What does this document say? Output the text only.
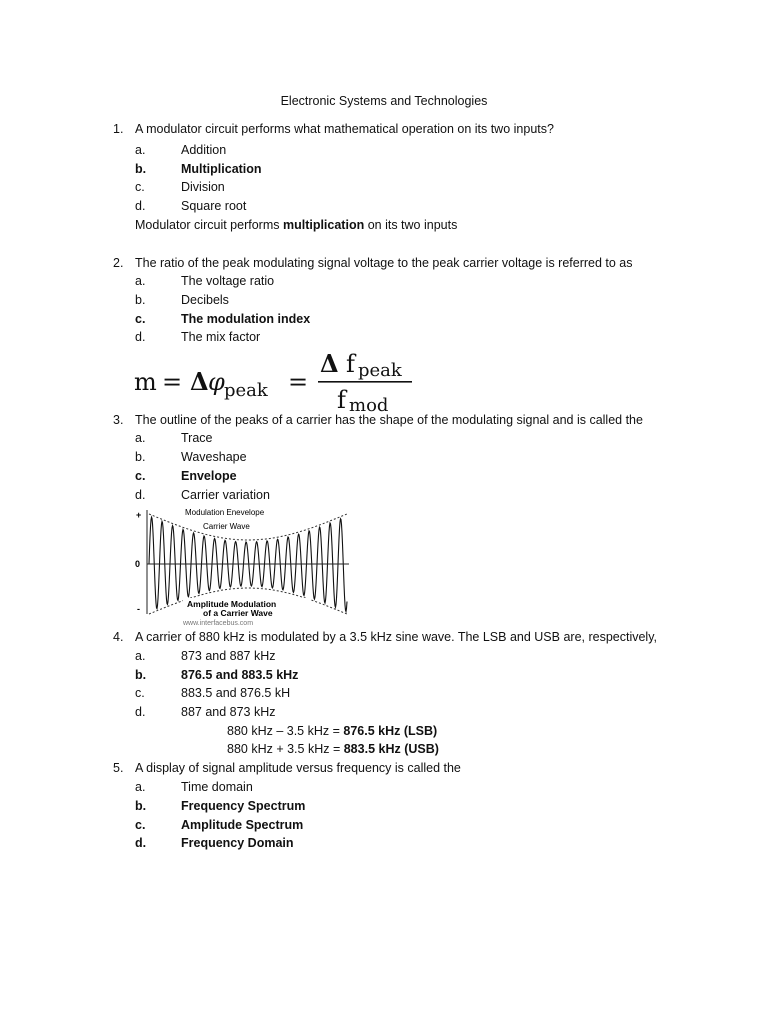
Electronic Systems and Technologies
1. A modulator circuit performs what mathematical operation on its two inputs?
a.	Addition
b.	Multiplication
c.	Division
d.	Square root
Modulator circuit performs multiplication on its two inputs
2. The ratio of the peak modulating signal voltage to the peak carrier voltage is referred to as
a.	The voltage ratio
b.	Decibels
c.	The modulation index
d.	The mix factor
m = Δ φ peak =
Δ f peak
f mod
3. The outline of the peaks of a carrier has the shape of the modulating signal and is called the
a.	Trace
b.	Waveshape
c.	Envelope
d.	Carrier variation
+
0
-
Modulation Enevelope
Carrier Wave
Amplitude Modulation
of a Carrier Wave
www.interfacebus.com
4. A carrier of 880 kHz is modulated by a 3.5 kHz sine wave. The LSB and USB are, respectively,
a.	873 and 887 kHz
b.	876.5 and 883.5 kHz
c.	883.5 and 876.5 kH
d.	887 and 873 kHz
880 kHz – 3.5 kHz = 876.5 kHz (LSB)
880 kHz + 3.5 kHz = 883.5 kHz (USB)
5. A display of signal amplitude versus frequency is called the
a.	Time domain
b.	Frequency Spectrum
c.	Amplitude Spectrum
d.	Frequency Domain
